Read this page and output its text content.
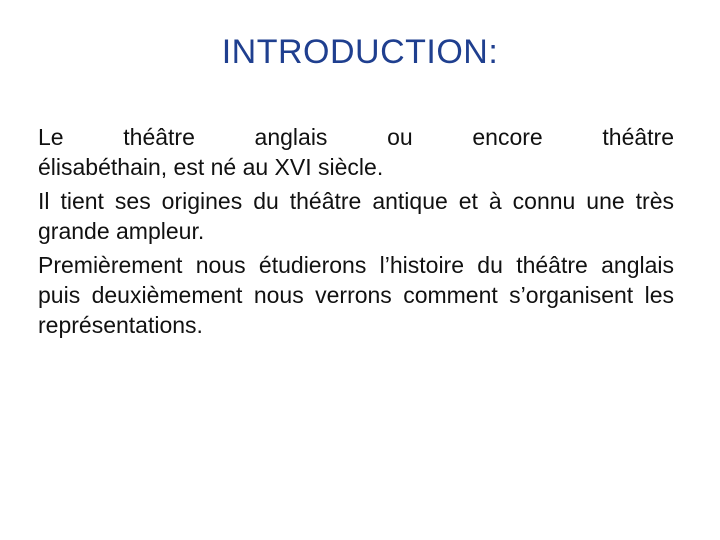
INTRODUCTION:

Le théâtre anglais ou encore théâtre
élisabéthain, est né au XVI siècle.

Il tient ses origines du théâtre antique et à connu une très grande ampleur.

Premièrement nous étudierons l’histoire du théâtre anglais puis deuxièmement nous verrons comment s’organisent les représentations.
